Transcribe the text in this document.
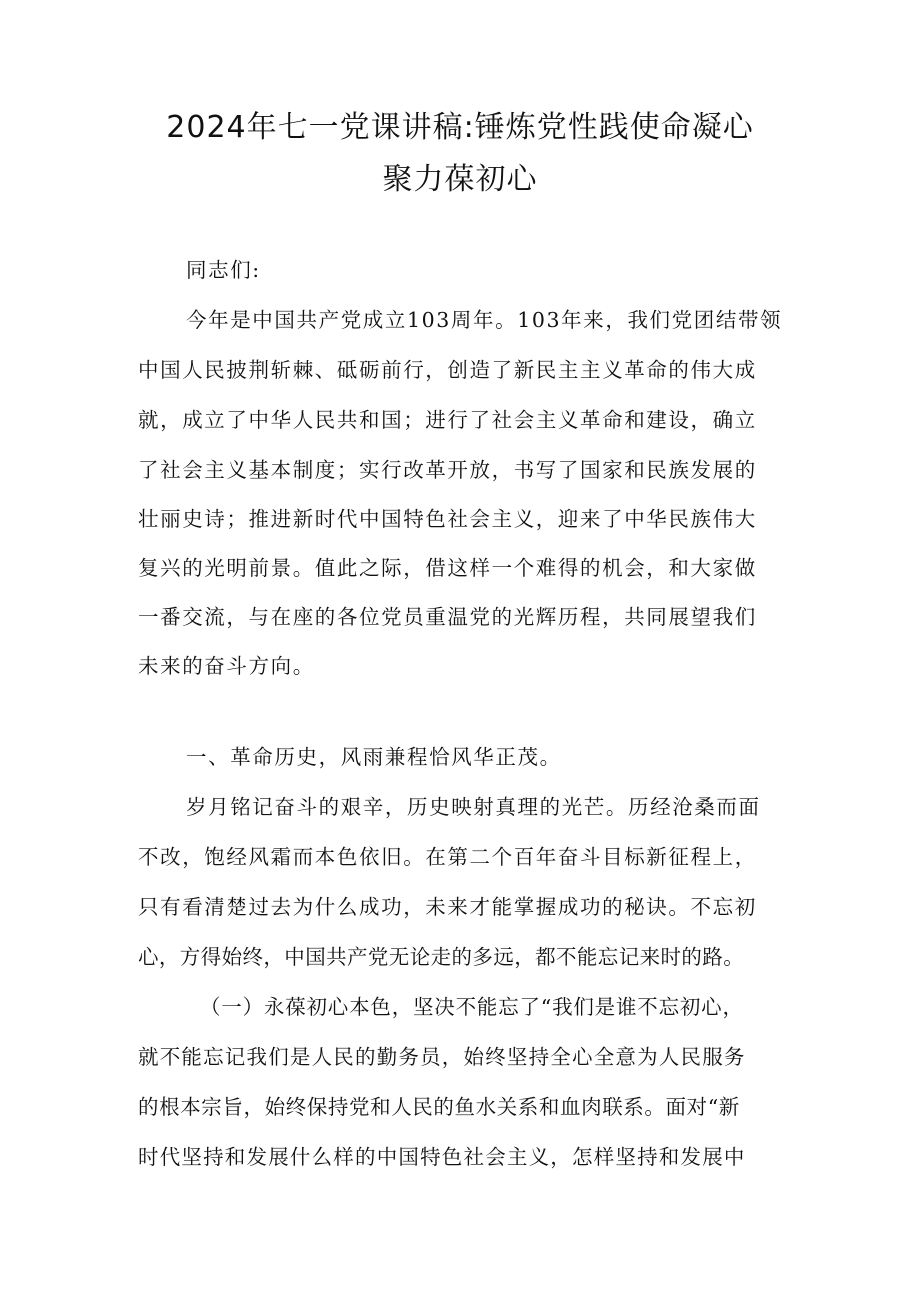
2024年七一党课讲稿:锤炼党性践使命凝心
聚力葆初心
同志们:
今年是中国共产党成立103周年。103年来，我们党团结带领
中国人民披荆斩棘、砥砺前行，创造了新民主主义革命的伟大成
就，成立了中华人民共和国；进行了社会主义革命和建设，确立
了社会主义基本制度；实行改革开放，书写了国家和民族发展的
壮丽史诗；推进新时代中国特色社会主义，迎来了中华民族伟大
复兴的光明前景。值此之际，借这样一个难得的机会，和大家做
一番交流，与在座的各位党员重温党的光辉历程，共同展望我们
未来的奋斗方向。
一、革命历史，风雨兼程恰风华正茂。
岁月铭记奋斗的艰辛，历史映射真理的光芒。历经沧桑而面
不改，饱经风霜而本色依旧。在第二个百年奋斗目标新征程上，
只有看清楚过去为什么成功，未来才能掌握成功的秘诀。不忘初
心，方得始终，中国共产党无论走的多远，都不能忘记来时的路。
（一）永葆初心本色，坚决不能忘了“我们是谁不忘初心，
就不能忘记我们是人民的勤务员，始终坚持全心全意为人民服务
的根本宗旨，始终保持党和人民的鱼水关系和血肉联系。面对“新
时代坚持和发展什么样的中国特色社会主义，怎样坚持和发展中
